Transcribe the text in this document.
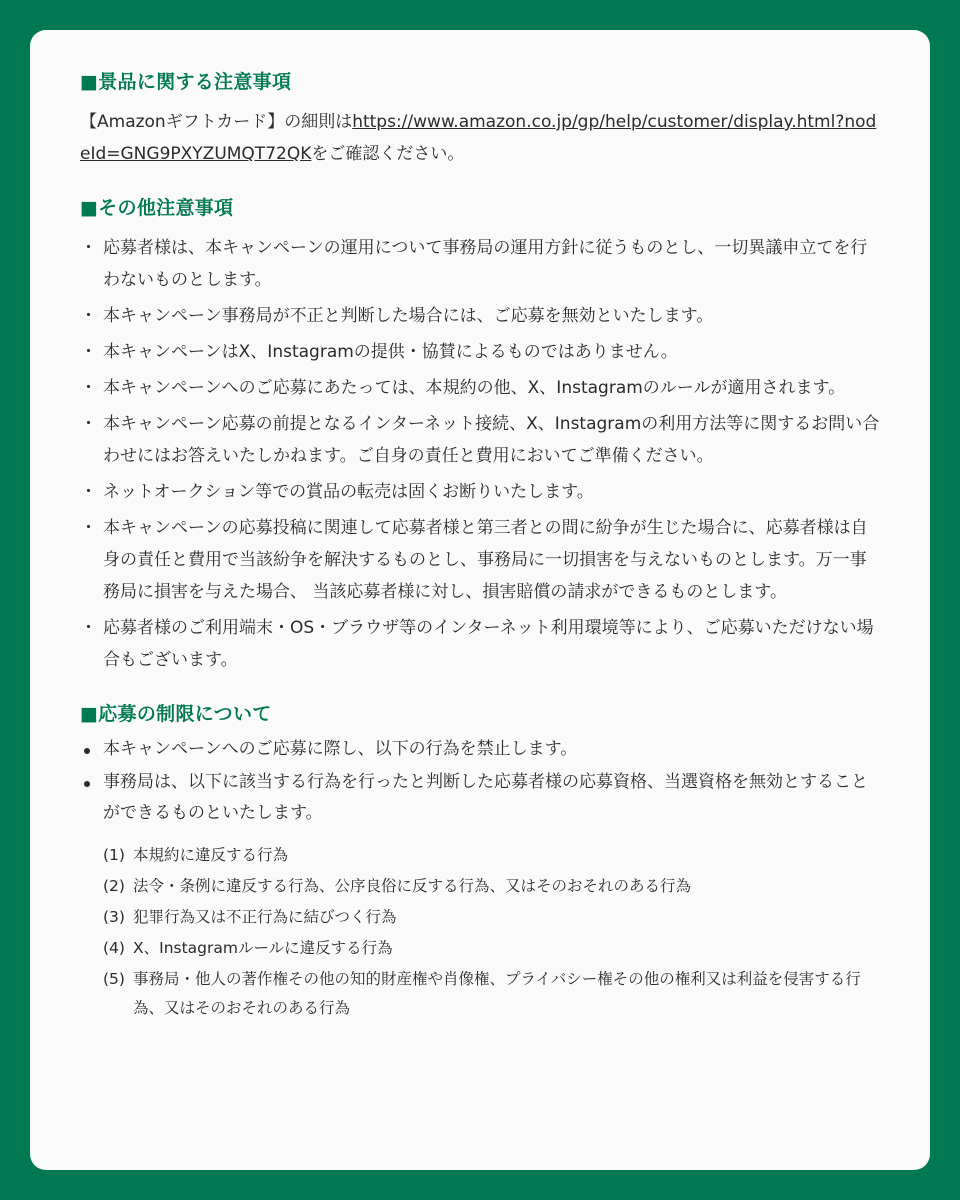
■景品に関する注意事項

【Amazonギフトカード】の細則はhttps://www.amazon.co.jp/gp/help/customer/display.html?nodeId=GNG9PXYZUMQT72QKをご確認ください。

■その他注意事項
・ 応募者様は、本キャンペーンの運用について事務局の運用方針に従うものとし、一切異議申立てを行わないものとします。
・ 本キャンペーン事務局が不正と判断した場合には、ご応募を無効といたします。
・ 本キャンペーンはX、Instagramの提供・協賛によるものではありません。
・ 本キャンペーンへのご応募にあたっては、本規約の他、X、Instagramのルールが適用されます。
・ 本キャンペーン応募の前提となるインターネット接続、X、Instagramの利用方法等に関するお問い合わせにはお答えいたしかねます。ご自身の責任と費用においてご準備ください。
・ ネットオークション等での賞品の転売は固くお断りいたします。
・ 本キャンペーンの応募投稿に関連して応募者様と第三者との間に紛争が生じた場合に、応募者様は自身の責任と費用で当該紛争を解決するものとし、事務局に一切損害を与えないものとします。万一事務局に損害を与えた場合、 当該応募者様に対し、損害賠償の請求ができるものとします。
・ 応募者様のご利用端末・OS・ブラウザ等のインターネット利用環境等により、ご応募いただけない場合もございます。
■応募の制限について
本キャンペーンへのご応募に際し、以下の行為を禁止します。
事務局は、以下に該当する行為を行ったと判断した応募者様の応募資格、当選資格を無効とすることができるものといたします。
(1) 本規約に違反する行為
(2) 法令・条例に違反する行為、公序良俗に反する行為、又はそのおそれのある行為
(3) 犯罪行為又は不正行為に結びつく行為
(4) X、Instagramルールに違反する行為
(5) 事務局・他人の著作権その他の知的財産権や肖像権、プライバシー権その他の権利又は利益を侵害する行為、又はそのおそれのある行為
